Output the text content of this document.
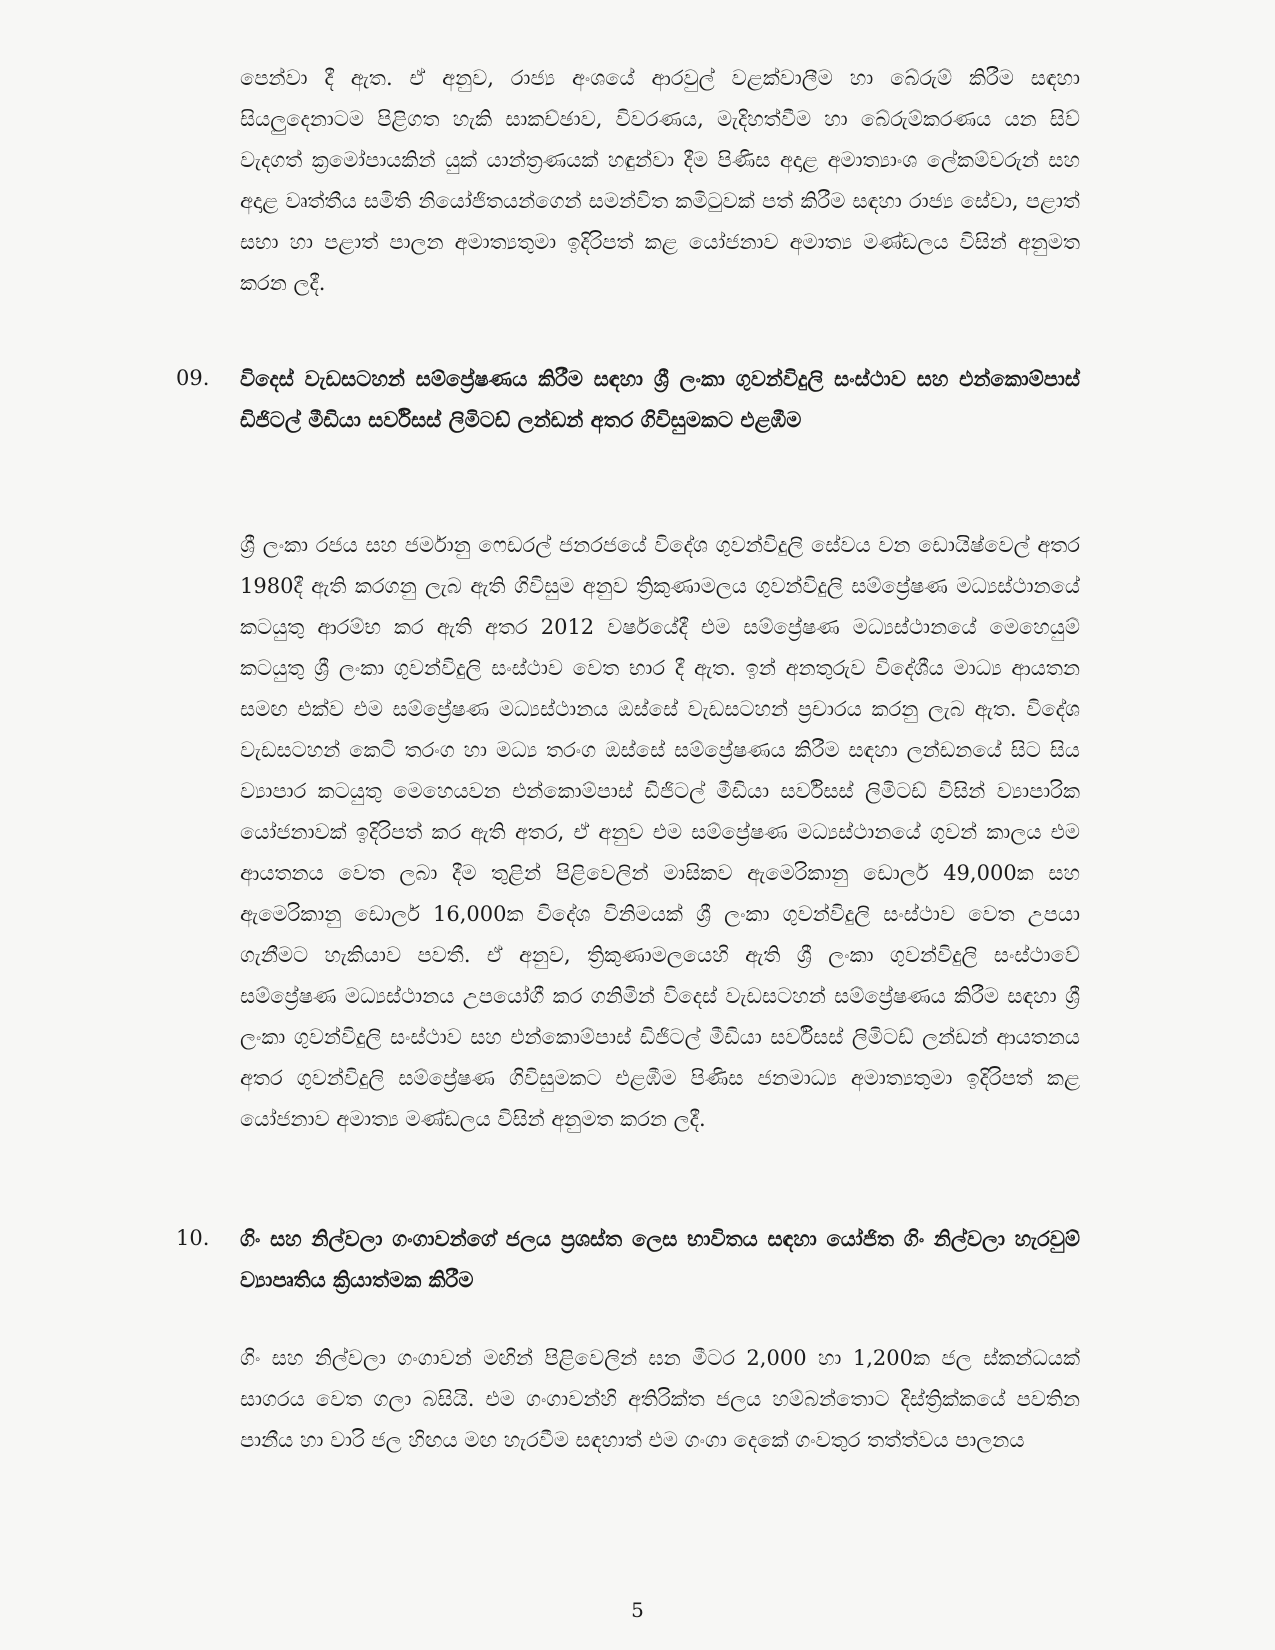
පෙන්වා දී ඇත. ඒ අනුව, රාජ්‍ය අංශයේ ආරවුල් වළක්වාලීම හා බේරුම් කිරීම සඳහා සියලුදෙනාටම පිළිගත හැකි සාකච්ඡාව, විවරණය, මැදිහත්වීම හා බේරුම්කරණය යන සිව් වැදගත් ක්‍රමෝපායකින් යුක් යාන්ත්‍රණයක් හඳුන්වා දීම පිණිස අදාළ අමාත්‍යාංශ ලේකම්වරුන් සහ අදාළ වෘත්තීය සමිති නියෝජිතයන්ගෙන් සමන්විත කමිටුවක් පත් කිරීම සඳහා රාජ්‍ය සේවා, පළාත් සභා හා පළාත් පාලන අමාත්‍යතුමා ඉදිරිපත් කළ යෝජනාව අමාත්‍ය මණ්ඩලය විසින් අනුමත කරන ලදී.
09. විදෙස් වැඩසටහන් සම්ප්‍රේෂණය කිරීම සඳහා ශ්‍රී ලංකා ගුවන්විදුලි සංස්ථාව සහ එන්කොම්පාස් ඩිජිටල් මීඩියා සර්විසස් ලිමිටඩ් ලන්ඩන් අතර ගිවිසුමකට එළඹීම
ශ්‍රී ලංකා රජය සහ ජර්මානු ෆෙඩරල් ජනරජයේ විදේශ ගුවන්විදුලි සේවය වන ඩොයිෂ්වෙල් අතර 1980දී ඇති කරගනු ලැබ ඇති ගිවිසුම අනුව ත්‍රිකුණාමලය ගුවන්විදුලි සම්ප්‍රේෂණ මධ්‍යස්ථානයේ කටයුතු ආරම්භ කර ඇති අතර 2012 වර්ෂයේදී එම සම්ප්‍රේෂණ මධ්‍යස්ථානයේ මෙහෙයුම් කටයුතු ශ්‍රී ලංකා ගුවන්විදුලි සංස්ථාව වෙත භාර දී ඇත. ඉන් අනතුරුව විදේශීය මාධ්‍ය ආයතන සමඟ එක්ව එම සම්ප්‍රේෂණ මධ්‍යස්ථානය ඔස්සේ වැඩසටහන් ප්‍රචාරය කරනු ලැබ ඇත. විදේශ වැඩසටහන් කෙටි තරංග හා මධ්‍ය තරංග ඔස්සේ සම්ප්‍රේෂණය කිරීම සඳහා ලන්ඩනයේ සිට සිය ව්‍යාපාර කටයුතු මෙහෙයවන එන්කොම්පාස් ඩිජිටල් මීඩියා සර්විසස් ලිමිටඩ් විසින් ව්‍යාපාරික යෝජනාවක් ඉදිරිපත් කර ඇති අතර, ඒ අනුව එම සම්ප්‍රේෂණ මධ්‍යස්ථානයේ ගුවන් කාලය එම ආයතනය වෙත ලබා දීම තුළින් පිළිවෙලින් මාසිකව ඇමෙරිකානු ඩොලර් 49,000ක සහ ඇමෙරිකානු ඩොලර් 16,000ක විදේශ විනිමයක් ශ්‍රී ලංකා ගුවන්විදුලි සංස්ථාව වෙත උපයා ගැනීමට හැකියාව පවතී. ඒ අනුව, ත්‍රිකුණාමලයෙහි ඇති ශ්‍රී ලංකා ගුවන්විදුලි සංස්ථාවේ සම්ප්‍රේෂණ මධ්‍යස්ථානය උපයෝගී කර ගනිමින් විදෙස් වැඩසටහන් සම්ප්‍රේෂණය කිරීම සඳහා ශ්‍රී ලංකා ගුවන්විදුලි සංස්ථාව සහ එන්කොම්පාස් ඩිජිටල් මීඩියා සර්විසස් ලිමිටඩ් ලන්ඩන් ආයතනය අතර ගුවන්විදුලි සම්ප්‍රේෂණ ගිවිසුමකට එළඹීම පිණිස ජනමාධ්‍ය අමාත්‍යතුමා ඉදිරිපත් කළ යෝජනාව අමාත්‍ය මණ්ඩලය විසින් අනුමත කරන ලදී.
10. ගිං සහ නිල්වලා ගංගාවන්ගේ ජලය ප්‍රශස්ත ලෙස භාවිතය සඳහා යෝජිත ගිං නිල්වලා හැරවුම් ව්‍යාපෘතිය ක්‍රියාත්මක කිරීම
ගිං සහ නිල්වලා ගංගාවන් මඟින් පිළිවෙලින් ඝන මීටර 2,000 හා 1,200ක ජල ස්කන්ධයක් සාගරය වෙත ගලා බසියි. එම ගංගාවන්හි අතිරික්ත ජලය හම්බන්තොට දිස්ත්‍රික්කයේ පවතින පානීය හා වාරි ජල හිඟය මඟ හැරවීම සඳහාත් එම ගංගා දෙකේ ගංවතුර තත්ත්වය පාලනය
5
